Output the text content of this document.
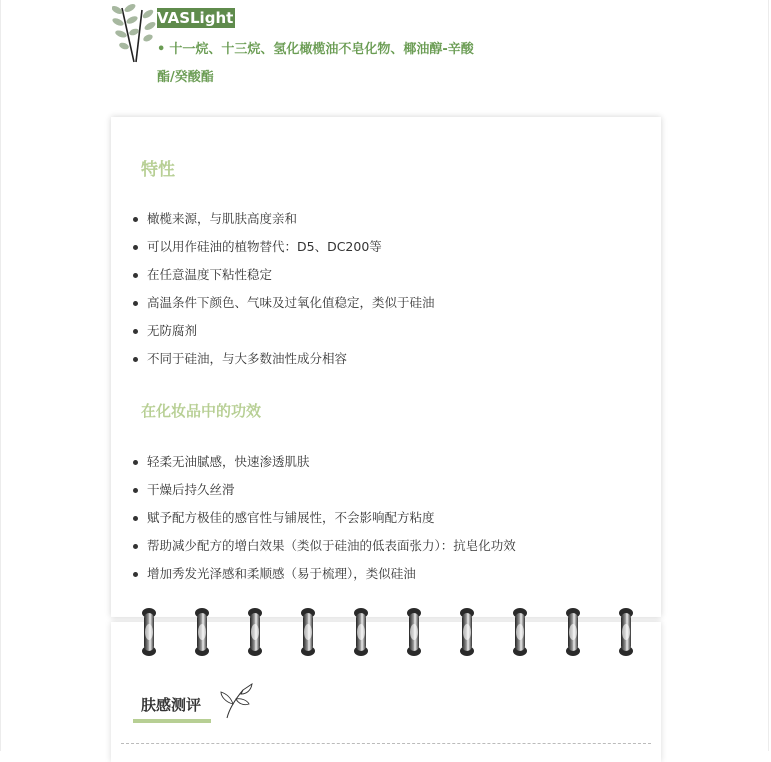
VASLight
• 十一烷、十三烷、氢化橄榄油不皂化物、椰油醇-辛酸酯/癸酸酯
特性
橄榄来源，与肌肤高度亲和
可以用作硅油的植物替代：D5、DC200等
在任意温度下粘性稳定
高温条件下颜色、气味及过氧化值稳定，类似于硅油
无防腐剂
不同于硅油，与大多数油性成分相容
在化妆品中的功效
轻柔无油腻感，快速渗透肌肤
干燥后持久丝滑
赋予配方极佳的感官性与铺展性，不会影响配方粘度
帮助减少配方的增白效果（类似于硅油的低表面张力）：抗皂化功效
增加秀发光泽感和柔顺感（易于梳理），类似硅油
肤感测评
